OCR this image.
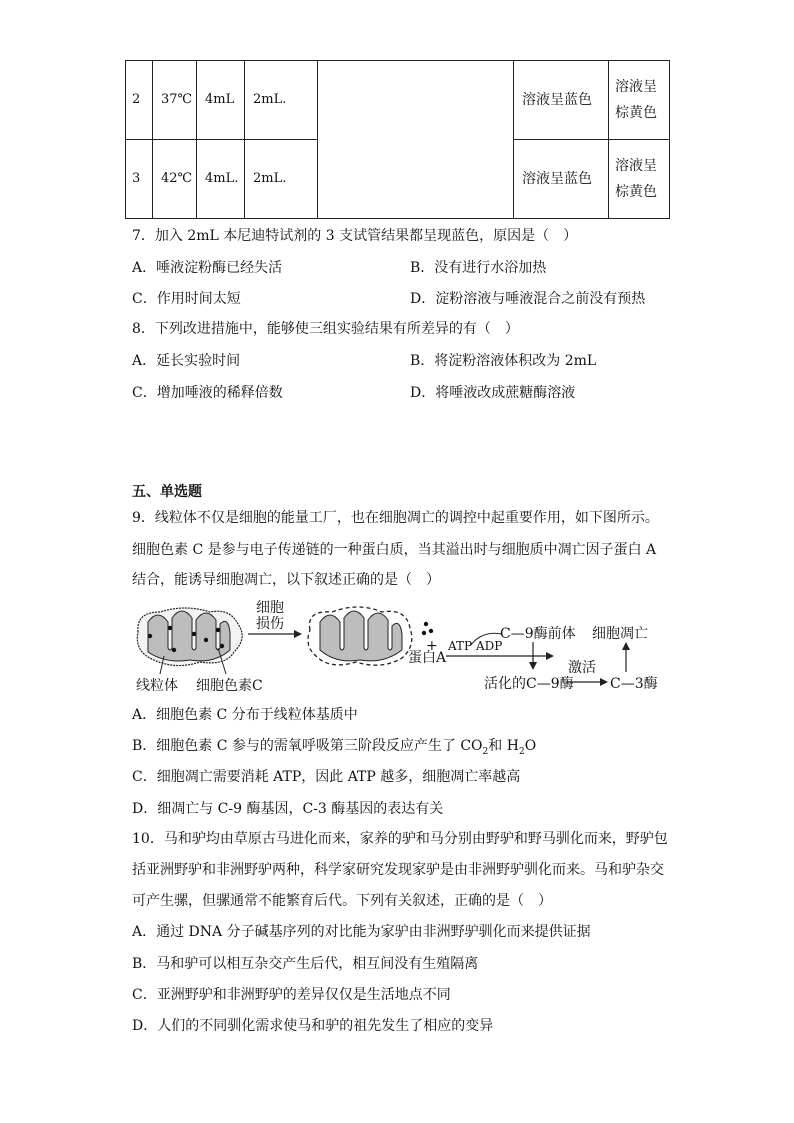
2	37℃	4mL	2mL.		溶液呈蓝色	溶液呈
棕黄色
3	42℃	4mL.	2mL.		溶液呈蓝色	溶液呈
棕黄色
7．加入 2mL 本尼迪特试剂的 3 支试管结果都呈现蓝色，原因是（　）
A．唾液淀粉酶已经失活	B．没有进行水浴加热
C．作用时间太短	D．淀粉溶液与唾液混合之前没有预热
8．下列改进措施中，能够使三组实验结果有所差异的有（　）
A．延长实验时间	B．将淀粉溶液体积改为 2mL
C．增加唾液的稀释倍数	D．将唾液改成蔗糖酶溶液
五、单选题
9．线粒体不仅是细胞的能量工厂，也在细胞凋亡的调控中起重要作用，如下图所示。
细胞色素 C 是参与电子传递链的一种蛋白质，当其溢出时与细胞质中凋亡因子蛋白 A
结合，能诱导细胞凋亡，以下叙述正确的是（　）
线粒体 细胞色素C
细胞
损伤
+
蛋白A
ATP ADP
C—9酶前体
活化的C—9酶
激活
C—3酶
细胞凋亡
A．细胞色素 C 分布于线粒体基质中
B．细胞色素 C 参与的需氧呼吸第三阶段反应产生了 $CO_2$和 $H_2O$
C．细胞凋亡需要消耗 ATP，因此 ATP 越多，细胞凋亡率越高
D．细凋亡与 C-9 酶基因，C-3 酶基因的表达有关
10．马和驴均由草原古马进化而来，家养的驴和马分别由野驴和野马驯化而来，野驴包
括亚洲野驴和非洲野驴两种，科学家研究发现家驴是由非洲野驴驯化而来。马和驴杂交
可产生骡，但骡通常不能繁育后代。下列有关叙述，正确的是（　）
A．通过 DNA 分子碱基序列的对比能为家驴由非洲野驴驯化而来提供证据
B．马和驴可以相互杂交产生后代，相互间没有生殖隔离
C．亚洲野驴和非洲野驴的差异仅仅是生活地点不同
D．人们的不同驯化需求使马和驴的祖先发生了相应的变异
